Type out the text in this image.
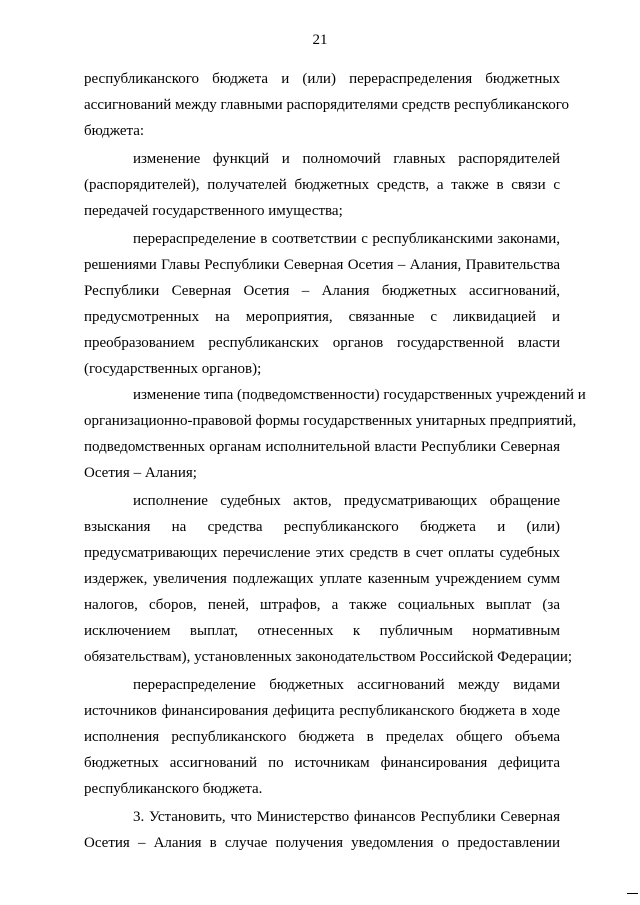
21
республиканского бюджета и (или) перераспределения бюджетных
ассигнований между главными распорядителями средств республиканского
бюджета:
изменение функций и полномочий главных распорядителей
(распорядителей), получателей бюджетных средств, а также в связи с
передачей государственного имущества;
перераспределение в соответствии с республиканскими законами,
решениями Главы Республики Северная Осетия – Алания, Правительства
Республики Северная Осетия – Алания бюджетных ассигнований,
предусмотренных на мероприятия, связанные с ликвидацией и
преобразованием республиканских органов государственной власти
(государственных органов);
изменение типа (подведомственности) государственных учреждений и
организационно-правовой формы государственных унитарных предприятий,
подведомственных органам исполнительной власти Республики Северная
Осетия – Алания;
исполнение судебных актов, предусматривающих обращение
взыскания на средства республиканского бюджета и (или)
предусматривающих перечисление этих средств в счет оплаты судебных
издержек, увеличения подлежащих уплате казенным учреждением сумм
налогов, сборов, пеней, штрафов, а также социальных выплат (за
исключением выплат, отнесенных к публичным нормативным
обязательствам), установленных законодательством Российской Федерации;
перераспределение бюджетных ассигнований между видами
источников финансирования дефицита республиканского бюджета в ходе
исполнения республиканского бюджета в пределах общего объема
бюджетных ассигнований по источникам финансирования дефицита
республиканского бюджета.
3. Установить, что Министерство финансов Республики Северная
Осетия – Алания в случае получения уведомления о предоставлении
